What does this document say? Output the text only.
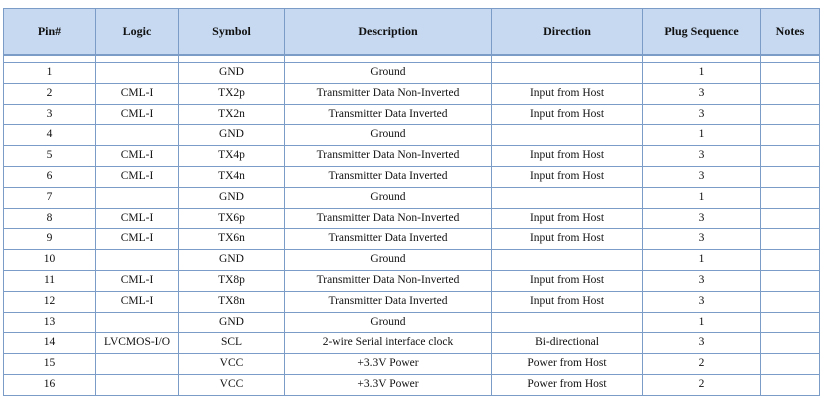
Pin#	Logic	Symbol	Description	Direction	Plug Sequence	Notes

1		GND	Ground		1	
2	CML-I	TX2p	Transmitter Data Non-Inverted	Input from Host	3	
3	CML-I	TX2n	Transmitter Data Inverted	Input from Host	3	
4		GND	Ground		1	
5	CML-I	TX4p	Transmitter Data Non-Inverted	Input from Host	3	
6	CML-I	TX4n	Transmitter Data Inverted	Input from Host	3	
7		GND	Ground		1	
8	CML-I	TX6p	Transmitter Data Non-Inverted	Input from Host	3	
9	CML-I	TX6n	Transmitter Data Inverted	Input from Host	3	
10		GND	Ground		1	
11	CML-I	TX8p	Transmitter Data Non-Inverted	Input from Host	3	
12	CML-I	TX8n	Transmitter Data Inverted	Input from Host	3	
13		GND	Ground		1	
14	LVCMOS-I/O	SCL	2-wire Serial interface clock	Bi-directional	3	
15		VCC	+3.3V Power	Power from Host	2	
16		VCC	+3.3V Power	Power from Host	2	
